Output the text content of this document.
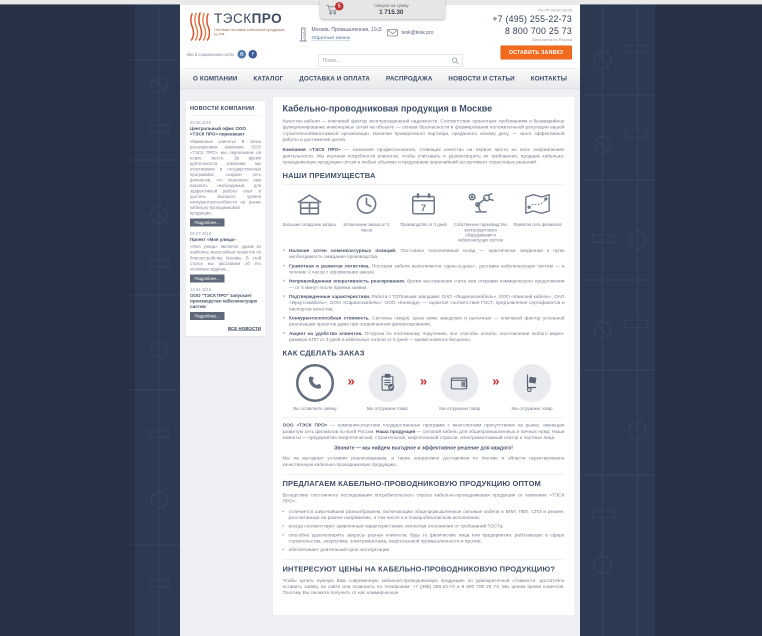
5	товаров на сумму
1 715.30
ТЭСКПРО
Оптовые поставки кабельной продукции по РФ
Мы в социальных сетях B f
Москва, Промышленная, 11с3
Обратный звонок
tesk@tesk.pro
Пн-Пт 09:00-18:00
+7 (495) 255-22-73
8 800 700 25 73
Бесплатно по России
ОСТАВИТЬ ЗАЯВКУ
Поиск...
О КОМПАНИИ КАТАЛОГ ДОСТАВКА И ОПЛАТА РАСПРОДАЖА НОВОСТИ И СТАТЬИ КОНТАКТЫ
НОВОСТИ КОМПАНИИ
25.08.2016
Центральный офис ООО «ТЭСК ПРО» переезжает
Уважаемые клиенты! В связи расширением компании ООО «ТЭСК ПРО» мы переезжаем на новое место. За время деятельности компании мы участвовали в государственных программах, создали сеть филиалов, что позволило нам накопить необходимый для эффективной работы опыт и достичь высокого уровня конкурентоспособности на рынке кабельно-проводниковой продукции.
Подробнее...
06.07.2016
Проект «Моя улица»
«Моя улица» является одним из наиболее масштабных проектов по благоустройству Москвы. В этой статье мы расскажем об его основных задачах...
Подробнее...
14.04.2015
ООО "ТЭСК ПРО" запускает производство кабеленесущих систем
Подробнее...
ВСЕ НОВОСТИ
Кабельно-проводниковая продукция в Москве

Качество кабеля — ключевой фактор эксплуатационной надежности. Соответствие проектным требованиям и безаварийное функционирование инженерных сетей на объекте — основа безопасности и формирования положительной репутации вашей строительной/монтажной организации. Наличие проверенного партнера, преданного своему делу, — залог эффективной работы и достижения целей.

Компания «ТЭСК ПРО» — компания профессионалов, ставящих качество на первое место во всех направлениях деятельности. Мы изучаем потребности клиентов, чтобы учитывать и удовлетворять их требования, продаем кабельно-проводниковую продукцию оптом в любых объемах и предлагаем широчайший ассортимент отраслевых решений.

НАШИ ПРЕИМУЩЕСТВА
Большие складские запасы Исполнение заказа от 2 часов
7
Производство от 3 дней Собственное производство электрощитового оборудования и кабеленесущих систем
Развитая сеть филиалов
» Наличие сотен номенклатурных позиций. Постоянно пополняемый склад — практически сведенная к нулю необходимость ожидания производства.
» Грамотная и развитая логистика. Поставки кабеля выполняются «день-в-день», доставка кабеленесущих систем — в течение 2 часов с оформления заказа.
» Непревзойденная оперативность реагирования. Время выставления счета или отправки коммерческого предложения — от 5 минут после приема заявки.
» Подтвержденные характеристики. Работа с ТОПовыми заводами: ОАО «Людиновокабель», ООО «Камский кабель», ОАО «Иркутсккабель», ООО «Сарансккабель», ООО «Конкорд» — гарантия соответствия ГОСТ, предъявления сертификатов и паспортов качества.
» Конкурентоспособная стоимость. Системы скидок, цены ниже заводских и рыночных — ключевой фактор успешной реализации проектов даже при ограниченном финансировании.
» Акцент на удобство клиентов. Отгрузка по платежному поручению, все способы оплаты, изготовление любого марко-размера КПП от 3 дней и кабельных лотков от 5 дней — время клиента бесценно.
КАК СДЕЛАТЬ ЗАКАЗ
Вы оставляете заявку
»	Мы отгружаем товар
»	Мы отгружаем товар
»	Мы отгружаем товар

ООО «ТЭСК ПРО» — компания-участник государственных программ с многолетним присутствием на рынке, имеющая развитую сеть филиалов по всей России. Наша продукция — силовой кабель для общепромышленных и личных нужд. Наши клиенты — предприятия энергетической, строительной, нефтегазовой отрасли, электромонтажный сектор и частные лица.

Звоните — мы найдем выгодное и эффективное решение для каждого!

Мы на выгодных условиях реализовываем, а также оперативно доставляем по Москве и области гарантированно качественную кабельно-проводниковую продукцию.

ПРЕДЛАГАЕМ КАБЕЛЬНО-ПРОВОДНИКОВУЮ ПРОДУКЦИЮ ОПТОМ

Вследствие постоянного исследования потребительского спроса кабельно-проводниковая продукция от компании «ТЭСК ПРО»:

▪ отличается широчайшим разнообразием, включающим общепромышленные силовые кабели в БПИ, ПВХ, СПЭ и резине, рассчитанные на разное напряжение, в том числе и в пожаробезопасном исполнении;
▪ всегда соответствует заявленным характеристикам, исключая отклонения от требований ГОСТа;
▪ способна удовлетворить запросы разных клиентов, будь то физические лица или предприятия, работающие в сфере строительства, энергетики, электромонтажа, нефтегазовой промышленности и прочие;
▪ обеспечивает длительный срок эксплуатации.
ИНТЕРЕСУЮТ ЦЕНЫ НА КАБЕЛЬНО-ПРОВОДНИКОВУЮ ПРОДУКЦИЮ?

Чтобы купить нужную Вам современную кабельно-проводниковую продукцию по демократичной стоимости, достаточно оставить заявку на сайте или позвонить по телефонам: +7 (495) 255-22-73 и 8 800 700 25 73. Мы ценим время клиентов. Поэтому Вы сможете получить от нас коммерческое
